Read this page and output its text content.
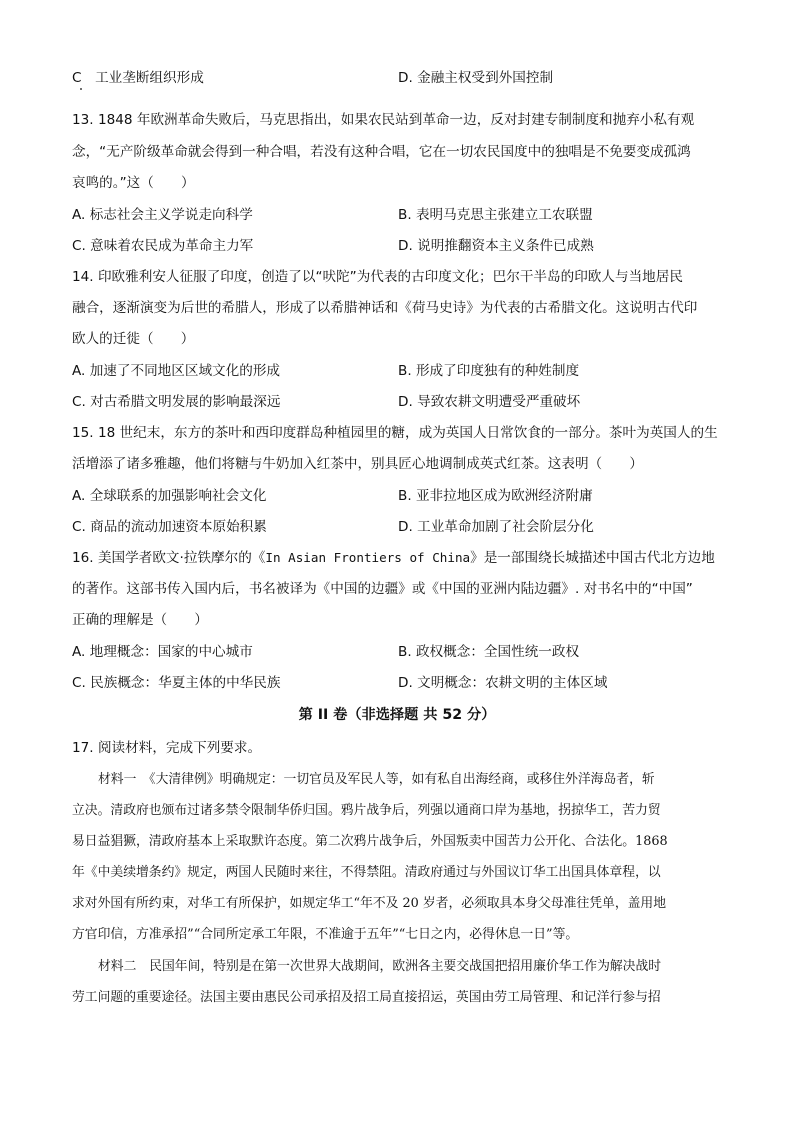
C　工业垄断组织形成	D. 金融主权受到外国控制
13. 1848 年欧洲革命失败后，马克思指出，如果农民站到革命一边，反对封建专制制度和抛弃小私有观
念，“无产阶级革命就会得到一种合唱，若没有这种合唱，它在一切农民国度中的独唱是不免要变成孤鸿
哀鸣的。”这（　　）
A. 标志社会主义学说走向科学	B. 表明马克思主张建立工农联盟
C. 意味着农民成为革命主力军	D. 说明推翻资本主义条件已成熟
14. 印欧雅利安人征服了印度，创造了以“吠陀”为代表的古印度文化；巴尔干半岛的印欧人与当地居民
融合，逐渐演变为后世的希腊人，形成了以希腊神话和《荷马史诗》为代表的古希腊文化。这说明古代印
欧人的迁徙（　　）
A. 加速了不同地区区域文化的形成	B. 形成了印度独有的种姓制度
C. 对古希腊文明发展的影响最深远	D. 导致农耕文明遭受严重破坏
15. 18 世纪末，东方的茶叶和西印度群岛种植园里的糖，成为英国人日常饮食的一部分。茶叶为英国人的生
活增添了诸多雅趣，他们将糖与牛奶加入红茶中，别具匠心地调制成英式红茶。这表明（　　）
A. 全球联系的加强影响社会文化	B. 亚非拉地区成为欧洲经济附庸
C. 商品的流动加速资本原始积累	D. 工业革命加剧了社会阶层分化
16. 美国学者欧文·拉铁摩尔的《In Asian Frontiers of China》是一部围绕长城描述中国古代北方边地
的著作。这部书传入国内后，书名被译为《中国的边疆》或《中国的亚洲内陆边疆》. 对书名中的“中国”
正确的理解是（　　）
A. 地理概念：国家的中心城市	B. 政权概念：全国性统一政权
C. 民族概念：华夏主体的中华民族	D. 文明概念：农耕文明的主体区域
第 II 卷（非选择题 共 52 分）
17. 阅读材料，完成下列要求。
材料一　《大清律例》明确规定：一切官员及军民人等，如有私自出海经商，或移住外洋海岛者，斩
立决。清政府也颁布过诸多禁令限制华侨归国。鸦片战争后，列强以通商口岸为基地，拐掠华工，苦力贸
易日益猖獗，清政府基本上采取默许态度。第二次鸦片战争后，外国叛卖中国苦力公开化、合法化。1868
年《中美续增条约》规定，两国人民随时来往，不得禁阻。清政府通过与外国议订华工出国具体章程，以
求对外国有所约束，对华工有所保护，如规定华工“年不及 20 岁者，必须取具本身父母准往凭单，盖用地
方官印信，方准承招”“合同所定承工年限，不准逾于五年”“七日之内，必得休息一日”等。
材料二　民国年间，特别是在第一次世界大战期间，欧洲各主要交战国把招用廉价华工作为解决战时
劳工问题的重要途径。法国主要由惠民公司承招及招工局直接招运，英国由劳工局管理、和记洋行参与招
